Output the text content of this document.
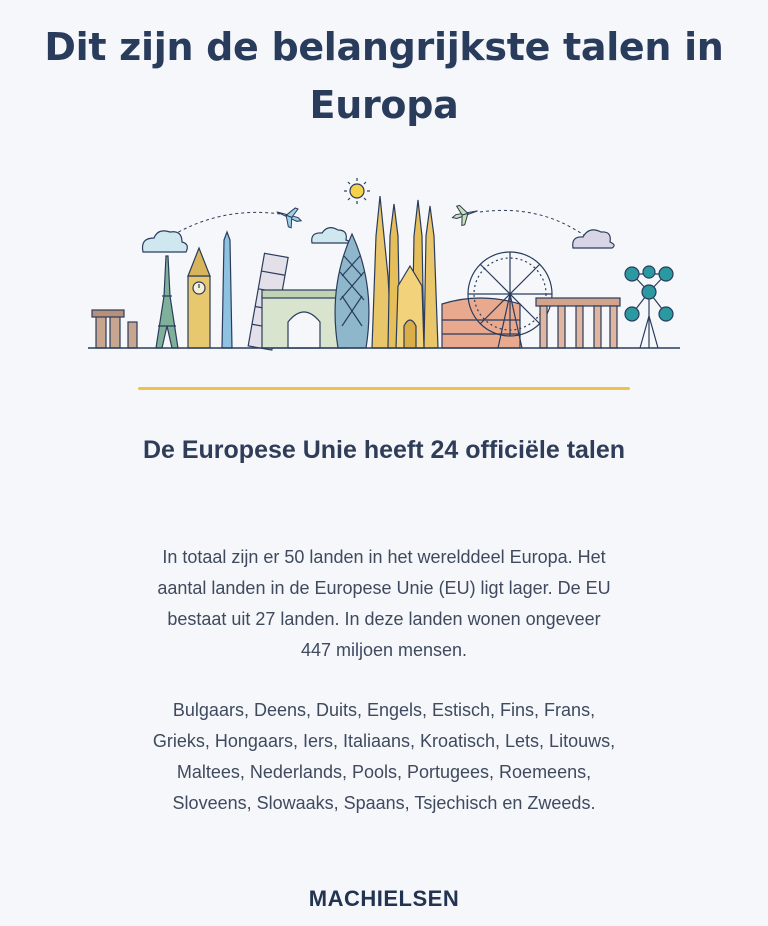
Dit zijn de belangrijkste talen in Europa
De Europese Unie heeft 24 officiële talen

In totaal zijn er 50 landen in het werelddeel Europa. Het aantal landen in de Europese Unie (EU) ligt lager. De EU bestaat uit 27 landen. In deze landen wonen ongeveer 447 miljoen mensen.

Bulgaars, Deens, Duits, Engels, Estisch, Fins, Frans, Grieks, Hongaars, Iers, Italiaans, Kroatisch, Lets, Litouws, Maltees, Nederlands, Pools, Portugees, Roemeens, Sloveens, Slowaaks, Spaans, Tsjechisch en Zweeds.

MACHIELSEN
